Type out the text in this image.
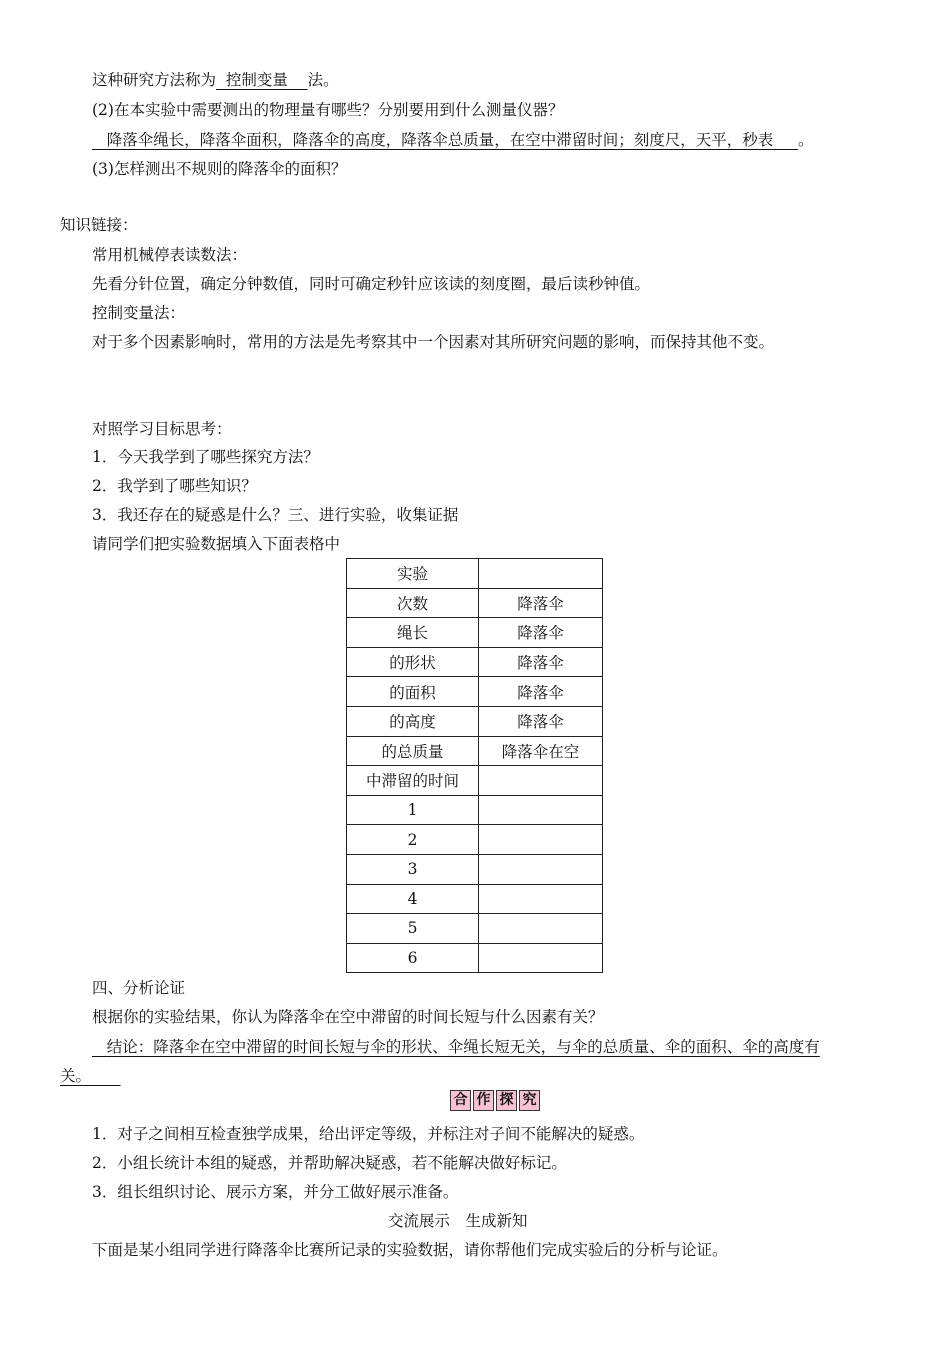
这种研究方法称为 控制变量 法。
(2)在本实验中需要测出的物理量有哪些？分别要用到什么测量仪器？
降落伞绳长，降落伞面积，降落伞的高度，降落伞总质量，在空中滞留时间；刻度尺，天平，秒表 。
(3)怎样测出不规则的降落伞的面积？
知识链接：
常用机械停表读数法：
先看分针位置，确定分钟数值，同时可确定秒针应该读的刻度圈，最后读秒钟值。
控制变量法：
对于多个因素影响时，常用的方法是先考察其中一个因素对其所研究问题的影响，而保持其他不变。
对照学习目标思考：
1．今天我学到了哪些探究方法？
2．我学到了哪些知识？
3．我还存在的疑惑是什么？三、进行实验，收集证据
请同学们把实验数据填入下面表格中
实验	
次数	降落伞
绳长	降落伞
的形状	降落伞
的面积	降落伞
的高度	降落伞
的总质量	降落伞在空
中滞留的时间	
1	
2	
3	
4	
5	
6	
四、分析论证
根据你的实验结果，你认为降落伞在空中滞留的时间长短与什么因素有关？
结论：降落伞在空中滞留的时间长短与伞的形状、伞绳长短无关，与伞的总质量、伞的面积、伞的高度有
关。
合 作 探 究
1．对子之间相互检查独学成果，给出评定等级，并标注对子间不能解决的疑惑。
2．小组长统计本组的疑惑，并帮助解决疑惑，若不能解决做好标记。
3．组长组织讨论、展示方案，并分工做好展示准备。
交流展示　生成新知
下面是某小组同学进行降落伞比赛所记录的实验数据，请你帮他们完成实验后的分析与论证。
